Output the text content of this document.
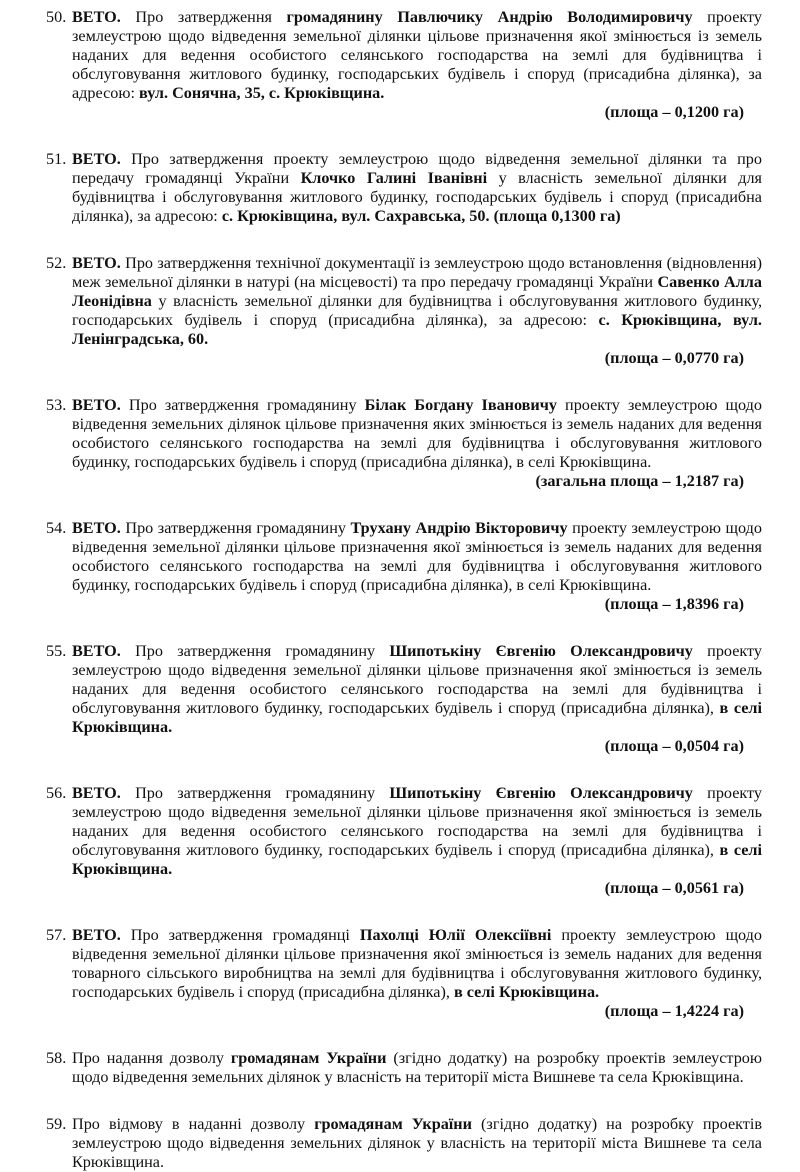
50. ВЕТО. Про затвердження громадянину Павлючику Андрію Володимировичу проекту землеустрою щодо відведення земельної ділянки цільове призначення якої змінюється із земель наданих для ведення особистого селянського господарства на землі для будівництва і обслуговування житлового будинку, господарських будівель і споруд (присадибна ділянка), за адресою: вул. Сонячна, 35, с. Крюківщина.
(площа – 0,1200 га)
51. ВЕТО. Про затвердження проекту землеустрою щодо відведення земельної ділянки та про передачу громадянці України Клочко Галині Іванівні у власність земельної ділянки для будівництва і обслуговування житлового будинку, господарських будівель і споруд (присадибна ділянка), за адресою: с. Крюківщина, вул. Сахравська, 50. (площа 0,1300 га)
52. ВЕТО. Про затвердження технічної документації із землеустрою щодо встановлення (відновлення) меж земельної ділянки в натурі (на місцевості) та про передачу громадянці України Савенко Алла Леонідівна у власність земельної ділянки для будівництва і обслуговування житлового будинку, господарських будівель і споруд (присадибна ділянка), за адресою: с. Крюківщина, вул. Ленінградська, 60.
(площа – 0,0770 га)
53. ВЕТО. Про затвердження громадянину Білак Богдану Івановичу проекту землеустрою щодо відведення земельних ділянок цільове призначення яких змінюється із земель наданих для ведення особистого селянського господарства на землі для будівництва і обслуговування житлового будинку, господарських будівель і споруд (присадибна ділянка), в селі Крюківщина.
(загальна площа – 1,2187 га)
54. ВЕТО. Про затвердження громадянину Трухану Андрію Вікторовичу проекту землеустрою щодо відведення земельної ділянки цільове призначення якої змінюється із земель наданих для ведення особистого селянського господарства на землі для будівництва і обслуговування житлового будинку, господарських будівель і споруд (присадибна ділянка), в селі Крюківщина.
(площа – 1,8396 га)
55. ВЕТО. Про затвердження громадянину Шипотькіну Євгенію Олександровичу проекту землеустрою щодо відведення земельної ділянки цільове призначення якої змінюється із земель наданих для ведення особистого селянського господарства на землі для будівництва і обслуговування житлового будинку, господарських будівель і споруд (присадибна ділянка), в селі Крюківщина.
(площа – 0,0504 га)
56. ВЕТО. Про затвердження громадянину Шипотькіну Євгенію Олександровичу проекту землеустрою щодо відведення земельної ділянки цільове призначення якої змінюється із земель наданих для ведення особистого селянського господарства на землі для будівництва і обслуговування житлового будинку, господарських будівель і споруд (присадибна ділянка), в селі Крюківщина.
(площа – 0,0561 га)
57. ВЕТО. Про затвердження громадянці Пахолці Юлії Олексіївні проекту землеустрою щодо відведення земельної ділянки цільове призначення якої змінюється із земель наданих для ведення товарного сільського виробництва на землі для будівництва і обслуговування житлового будинку, господарських будівель і споруд (присадибна ділянка), в селі Крюківщина.
(площа – 1,4224 га)
58. Про надання дозволу громадянам України (згідно додатку) на розробку проектів землеустрою щодо відведення земельних ділянок у власність на території міста Вишневе та села Крюківщина.
59. Про відмову в наданні дозволу громадянам України (згідно додатку) на розробку проектів землеустрою щодо відведення земельних ділянок у власність на території міста Вишневе та села Крюківщина.
